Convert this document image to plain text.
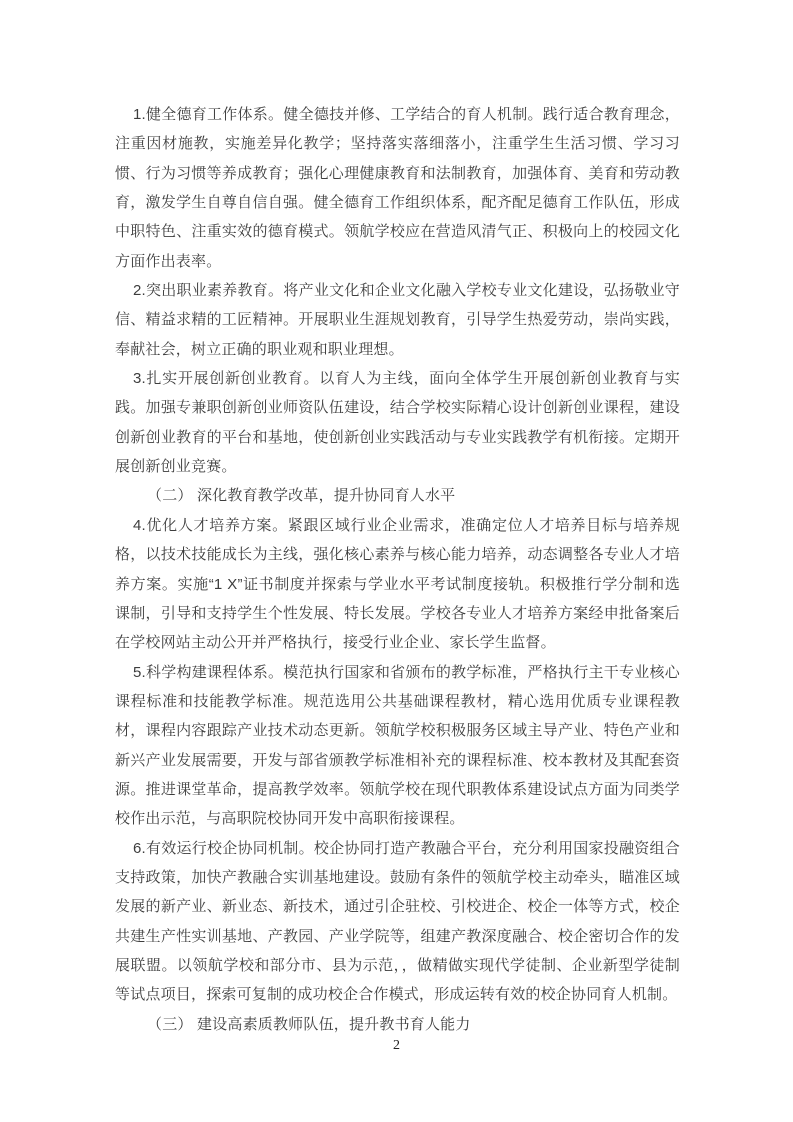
1.健全德育工作体系。健全德技并修、工学结合的育人机制。践行适合教育理念，注重因材施教，实施差异化教学；坚持落实落细落小，注重学生生活习惯、学习习惯、行为习惯等养成教育；强化心理健康教育和法制教育，加强体育、美育和劳动教育，激发学生自尊自信自强。健全德育工作组织体系，配齐配足德育工作队伍，形成中职特色、注重实效的德育模式。领航学校应在营造风清气正、积极向上的校园文化方面作出表率。

2.突出职业素养教育。将产业文化和企业文化融入学校专业文化建设，弘扬敬业守信、精益求精的工匠精神。开展职业生涯规划教育，引导学生热爱劳动，崇尚实践，奉献社会，树立正确的职业观和职业理想。

3.扎实开展创新创业教育。以育人为主线，面向全体学生开展创新创业教育与实践。加强专兼职创新创业师资队伍建设，结合学校实际精心设计创新创业课程，建设创新创业教育的平台和基地，使创新创业实践活动与专业实践教学有机衔接。定期开展创新创业竞赛。

（二） 深化教育教学改革，提升协同育人水平

4.优化人才培养方案。紧跟区域行业企业需求，准确定位人才培养目标与培养规格，以技术技能成长为主线，强化核心素养与核心能力培养，动态调整各专业人才培养方案。实施“1 X”证书制度并探索与学业水平考试制度接轨。积极推行学分制和选课制，引导和支持学生个性发展、特长发展。学校各专业人才培养方案经申批备案后在学校网站主动公开并严格执行，接受行业企业、家长学生监督。

5.科学构建课程体系。模范执行国家和省颁布的教学标准，严格执行主干专业核心课程标准和技能教学标准。规范选用公共基础课程教材，精心选用优质专业课程教材，课程内容跟踪产业技术动态更新。领航学校积极服务区域主导产业、特色产业和新兴产业发展需要，开发与部省颁教学标准相补充的课程标准、校本教材及其配套资源。推进课堂革命，提高教学效率。领航学校在现代职教体系建设试点方面为同类学校作出示范，与高职院校协同开发中高职衔接课程。

6.有效运行校企协同机制。校企协同打造产教融合平台，充分利用国家投融资组合支持政策，加快产教融合实训基地建设。鼓励有条件的领航学校主动牵头，瞄准区域发展的新产业、新业态、新技术，通过引企驻校、引校进企、校企一体等方式，校企共建生产性实训基地、产教园、产业学院等，组建产教深度融合、校企密切合作的发展联盟。以领航学校和部分市、县为示范，，做精做实现代学徒制、企业新型学徒制等试点项目，探索可复制的成功校企合作模式，形成运转有效的校企协同育人机制。

（三） 建设高素质教师队伍，提升教书育人能力

2
